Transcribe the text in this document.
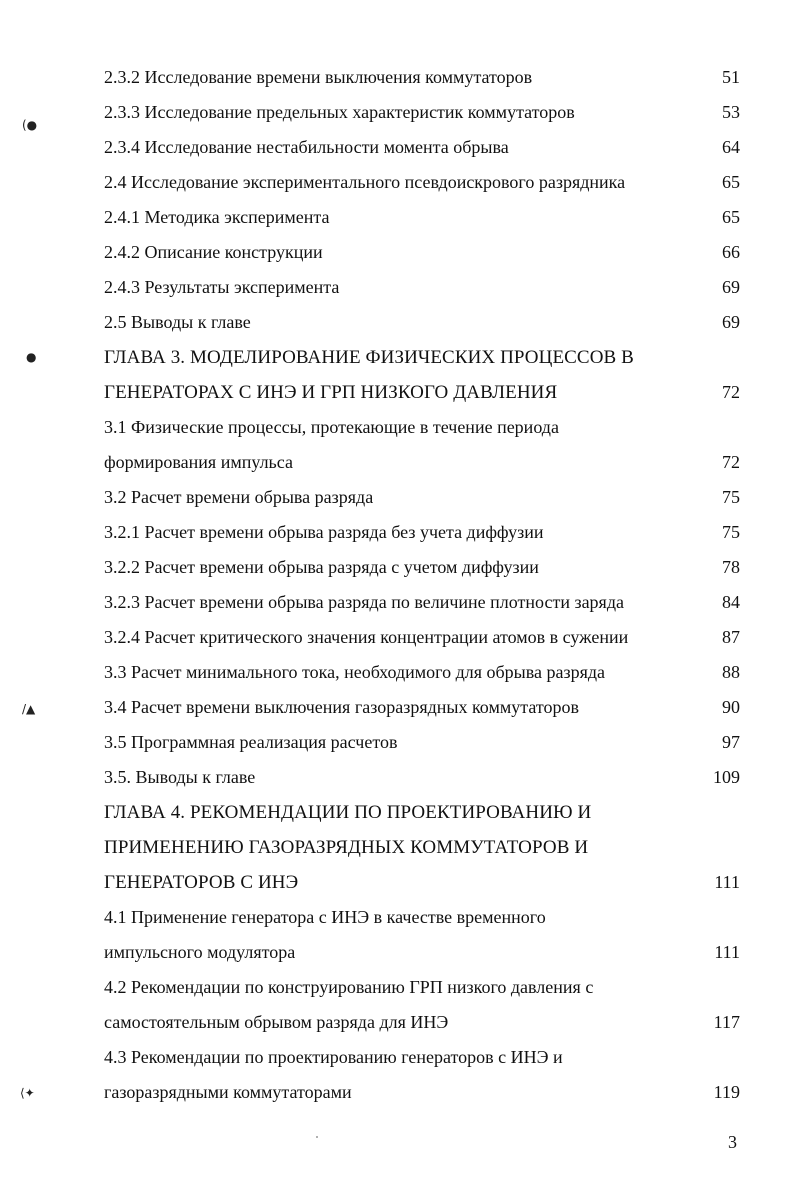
(●
●
/▲
⟨✦
2.3.2 Исследование времени выключения коммутаторов	51
2.3.3 Исследование предельных характеристик коммутаторов	53
2.3.4 Исследование нестабильности момента обрыва	64
2.4 Исследование экспериментального псевдоискрового разрядника	65
2.4.1 Методика эксперимента	65
2.4.2 Описание конструкции	66
2.4.3 Результаты эксперимента	69
2.5 Выводы к главе	69
ГЛАВА 3. МОДЕЛИРОВАНИЕ ФИЗИЧЕСКИХ ПРОЦЕССОВ В
ГЕНЕРАТОРАХ С ИНЭ И ГРП НИЗКОГО ДАВЛЕНИЯ	72
3.1 Физические процессы, протекающие в течение периода
формирования импульса	72
3.2 Расчет времени обрыва разряда	75
3.2.1 Расчет времени обрыва разряда без учета диффузии	75
3.2.2 Расчет времени обрыва разряда с учетом диффузии	78
3.2.3 Расчет времени обрыва разряда по величине плотности заряда	84
3.2.4 Расчет критического значения концентрации атомов в сужении	87
3.3 Расчет минимального тока, необходимого для обрыва разряда	88
3.4 Расчет времени выключения газоразрядных коммутаторов	90
3.5 Программная реализация расчетов	97
3.5. Выводы к главе	109
ГЛАВА 4. РЕКОМЕНДАЦИИ ПО ПРОЕКТИРОВАНИЮ И
ПРИМЕНЕНИЮ ГАЗОРАЗРЯДНЫХ КОММУТАТОРОВ И
ГЕНЕРАТОРОВ С ИНЭ	111
4.1 Применение генератора с ИНЭ в качестве временного
импульсного модулятора	111
4.2 Рекомендации по конструированию ГРП низкого давления с
самостоятельным обрывом разряда для ИНЭ	117
4.3 Рекомендации по проектированию генераторов с ИНЭ и
газоразрядными коммутаторами	119
3
